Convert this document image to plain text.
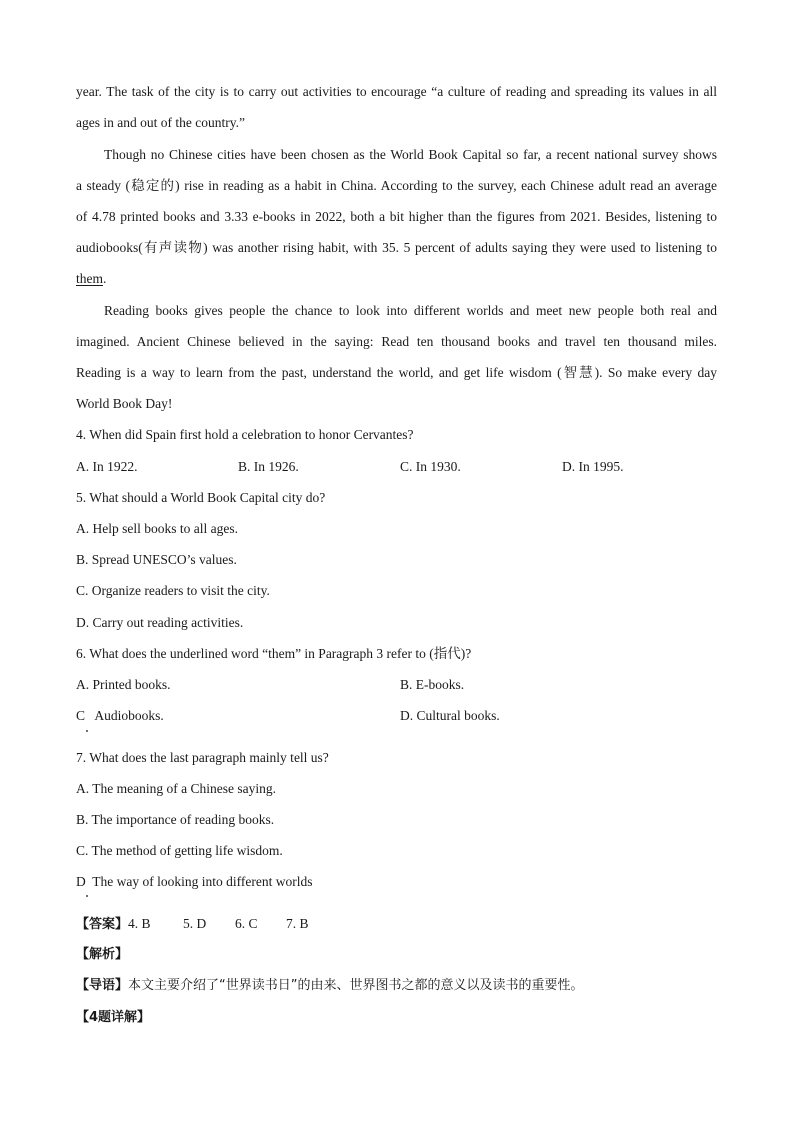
year. The task of the city is to carry out activities to encourage “a culture of reading and spreading its values in all
ages in and out of the country.”
Though no Chinese cities have been chosen as the World Book Capital so far, a recent national survey shows
a steady (稳定的) rise in reading as a habit in China. According to the survey, each Chinese adult read an average
of 4.78 printed books and 3.33 e-books in 2022, both a bit higher than the figures from 2021. Besides, listening to
audiobooks(有声读物) was another rising habit, with 35. 5 percent of adults saying they were used to listening to
them.
Reading books gives people the chance to look into different worlds and meet new people both real and
imagined. Ancient Chinese believed in the saying: Read ten thousand books and travel ten thousand miles.
Reading is a way to learn from the past, understand the world, and get life wisdom (智慧). So make every day
World Book Day!
4. When did Spain first hold a celebration to honor Cervantes?
A. In 1922.	B. In 1926.	C. In 1930.	D. In 1995.
5. What should a World Book Capital city do?
A. Help sell books to all ages.
B. Spread UNESCO’s values.
C. Organize readers to visit the city.
D. Carry out reading activities.
6. What does the underlined word “them” in Paragraph 3 refer to (指代)?
A. Printed books.	B. E-books.
C   Audiobooks.	D. Cultural books.
7. What does the last paragraph mainly tell us?
A. The meaning of a Chinese saying.
B. The importance of reading books.
C. The method of getting life wisdom.
D  The way of looking into different worlds
【答案】4. B 5. D 6. C 7. B
【解析】
【导语】本文主要介绍了“世界读书日”的由来、世界图书之都的意义以及读书的重要性。
【4题详解】
